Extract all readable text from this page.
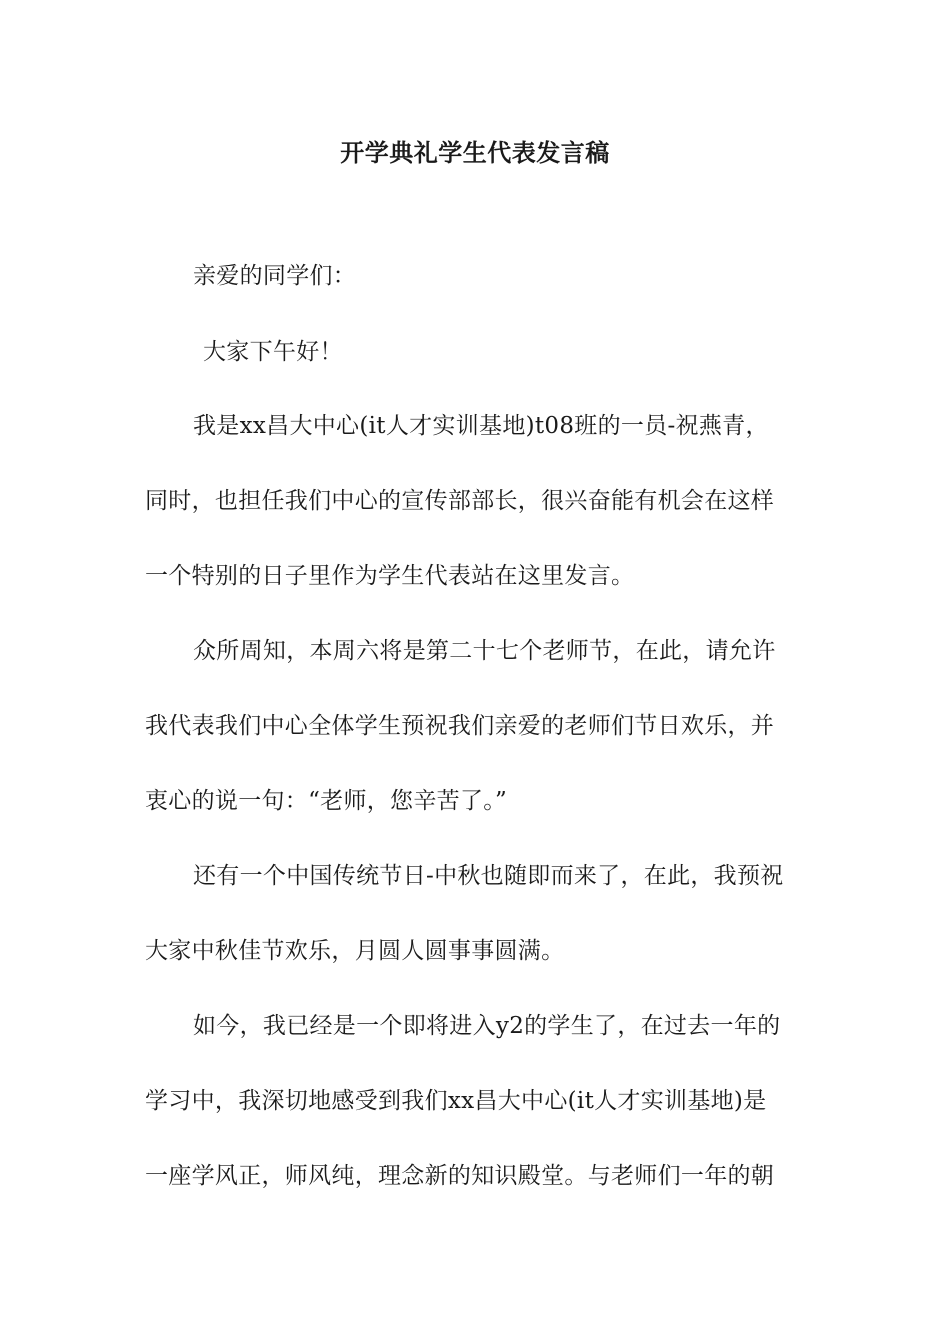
开学典礼学生代表发言稿
亲爱的同学们：
大家下午好！
我是xx昌大中心(it人才实训基地)t08班的一员-祝燕青，
同时，也担任我们中心的宣传部部长，很兴奋能有机会在这样
一个特别的日子里作为学生代表站在这里发言。
众所周知，本周六将是第二十七个老师节，在此，请允许
我代表我们中心全体学生预祝我们亲爱的老师们节日欢乐，并
衷心的说一句：“老师，您辛苦了。”
还有一个中国传统节日-中秋也随即而来了，在此，我预祝
大家中秋佳节欢乐，月圆人圆事事圆满。
如今，我已经是一个即将进入y2的学生了，在过去一年的
学习中，我深切地感受到我们xx昌大中心(it人才实训基地)是
一座学风正，师风纯，理念新的知识殿堂。与老师们一年的朝
